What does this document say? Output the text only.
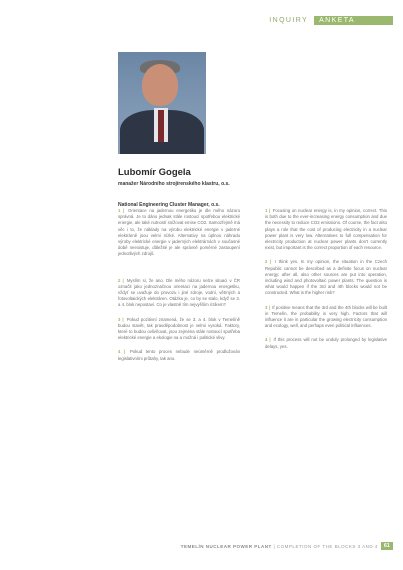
INQUIRY	ANKETA
Lubomír Gogela
manažer Národního strojírenského klastru, o.s.
National Engineering Cluster Manager, o.s.

1 | Orientace na jadernou energetiku je dle mého názoru správná. Je to dáno jednak stále rostoucí spotřebou elektrické energie, ale také nutností snižovat emise CO2. Samozřejmě má věc i to, že náklady na výrobu elektrické energie v jaderné elektrárně jsou velmi nízké. Alternativy na úplnou náhradu výroby elektrické energie v jaderných elektrárnách v současné době neexistuje, důležité je ale správně poměrné zastoupení jednotlivých zdrojů.

2 | Myslím si, že ano. Dle mého názoru nelze situaci v ČR označit jako jednoznačnou orientaci na jadernou energetiku, vždyť se uvažuje do provozu i jiné zdroje, vodní, větrných a fotovoltaických elektráren. Otázka je, co by se stalo, když se 3. a 4. blok nepostaví. Co je vlastně tím nejvyšším rizikem?

3 | Pokud pozitivní znamená, že se 3. a 4. blok v Temelíně budou stavět, tak pravděpodobnost je velmi vysoká. Faktory, které to budou ovlivňovat, jsou zejména stále rostoucí spotřeba elektrické energie a ekologie na a možná i politické vlivy.

4 | Pokud tento proces nebude neúměrně prodlužován legislativními průtahy, tak ano.

1 | Focusing on nuclear energy is, in my opinion, correct. This is both due to the ever-increasing energy consumption and due the necessity to reduce CO2 emissions. Of course, the fact also plays a role that the cost of producing electricity in a nuclear power plant is very low. Alternatives to full compensation for electricity production at nuclear power plants don't currently exist, but important is the correct proportion of each resource.

2 | I think yes. In my opinion, the situation in the Czech Republic cannot be described as a definite focus on nuclear energy; after all, also other sources are put into operation, including wind and photovoltaic power plants. The question is what would happen if the 3rd and 4th blocks would not be constructed. What is the higher risk?

3 | If positive means that the 3rd and the 4th blocks will be built in Temelín, the probability is very high. Factors that will influence it are in particular the growing electricity consumption and ecology, well, and perhaps even political influences.

4 | If this process will not be unduly prolonged by legislative delays, yes.

TEMELÍN NUCLEAR POWER PLANT | COMPLETION OF THE BLOCKS 3 AND 4	61
